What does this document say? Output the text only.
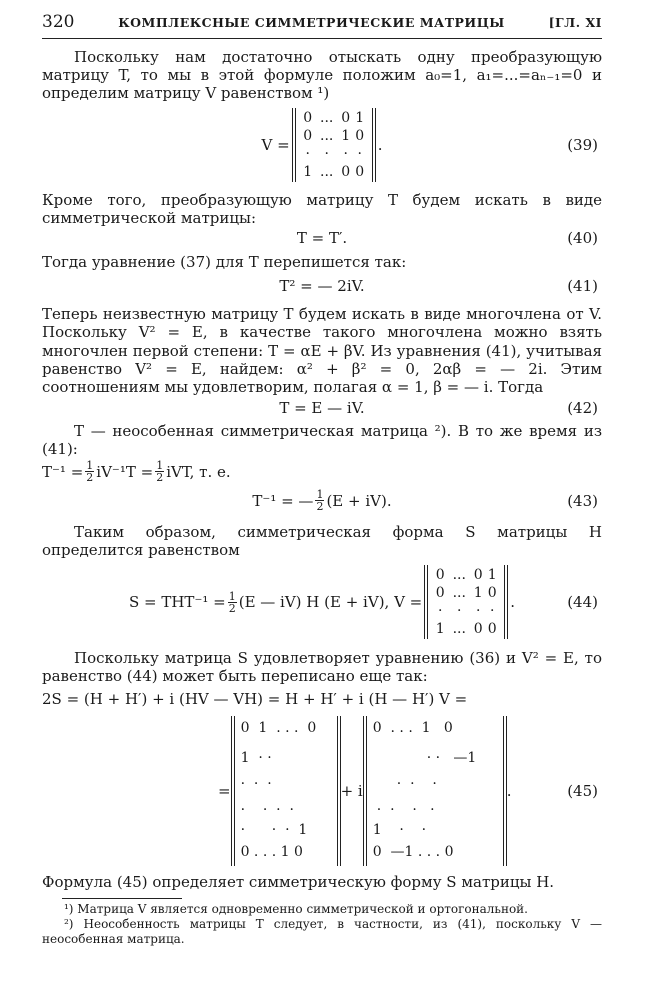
320	КОМПЛЕКСНЫЕ СИММЕТРИЧЕСКИЕ МАТРИЦЫ	[ГЛ. XI

Поскольку нам достаточно отыскать одну преобразующую матрицу T, то мы в этой формуле положим a₀=1, a₁=...=aₙ₋₁=0 и определим матрицу V равенством ¹)

V =
0 ... 0 1
0 ... 1 0
·	·	· ·
1 ... 0 0
.	(39)

Кроме того, преобразующую матрицу T будем искать в виде симметрической матрицы:

T = T′.	(40)

Тогда уравнение (37) для T перепишется так:

T² = — 2iV.	(41)

Теперь неизвестную матрицу T будем искать в виде многочлена от V. Поскольку V² = E, в качестве такого многочлена можно взять многочлен первой степени: T = αE + βV. Из уравнения (41), учитывая равенство V² = E, найдем: α² + β² = 0, 2αβ = — 2i. Этим соотношениям мы удовлетворим, полагая α = 1, β = — i. Тогда

T = E — iV.	(42)

T — неособенная симметрическая матрица ²). В то же время из (41):

$T^{-1} = \frac{1}{2} iV^{-1}T = \frac{1}{2}$ iVT,
т. е.
T⁻¹ = — $\frac{1}{2} (E + iV)$.	(43)

Таким образом, симметрическая форма S матрицы H определится равенством

$S = THT^{-1} = \frac{1}{2} (E$ — iV) H (E + iV), V =
0 ... 0 1
0 ... 1 0
·	·	· ·
1 ... 0 0
.	(44)

Поскольку матрица S удовлетворяет уравнению (36) и V² = E, то равенство (44) может быть переписано еще так:

2S = (H + H′) + i (HV — VH) = H + H′ + i (H — H′) V =
=
0  1  . . .  0
1  · ·
·  ·  ·
·    ·  ·  ·
·      ·  ·  1
0 . . . 1 0
+ i
0  . . .  1   0
· ·   —1
·  ·    ·
·  ·    ·   ·
1    ·    ·
0  —1 . . . 0
.	(45)

Формула (45) определяет симметрическую форму S матрицы H.

¹) Матрица V является одновременно симметрической и ортогональной.

²) Неособенность матрицы T следует, в частности, из (41), поскольку V — неособенная матрица.
